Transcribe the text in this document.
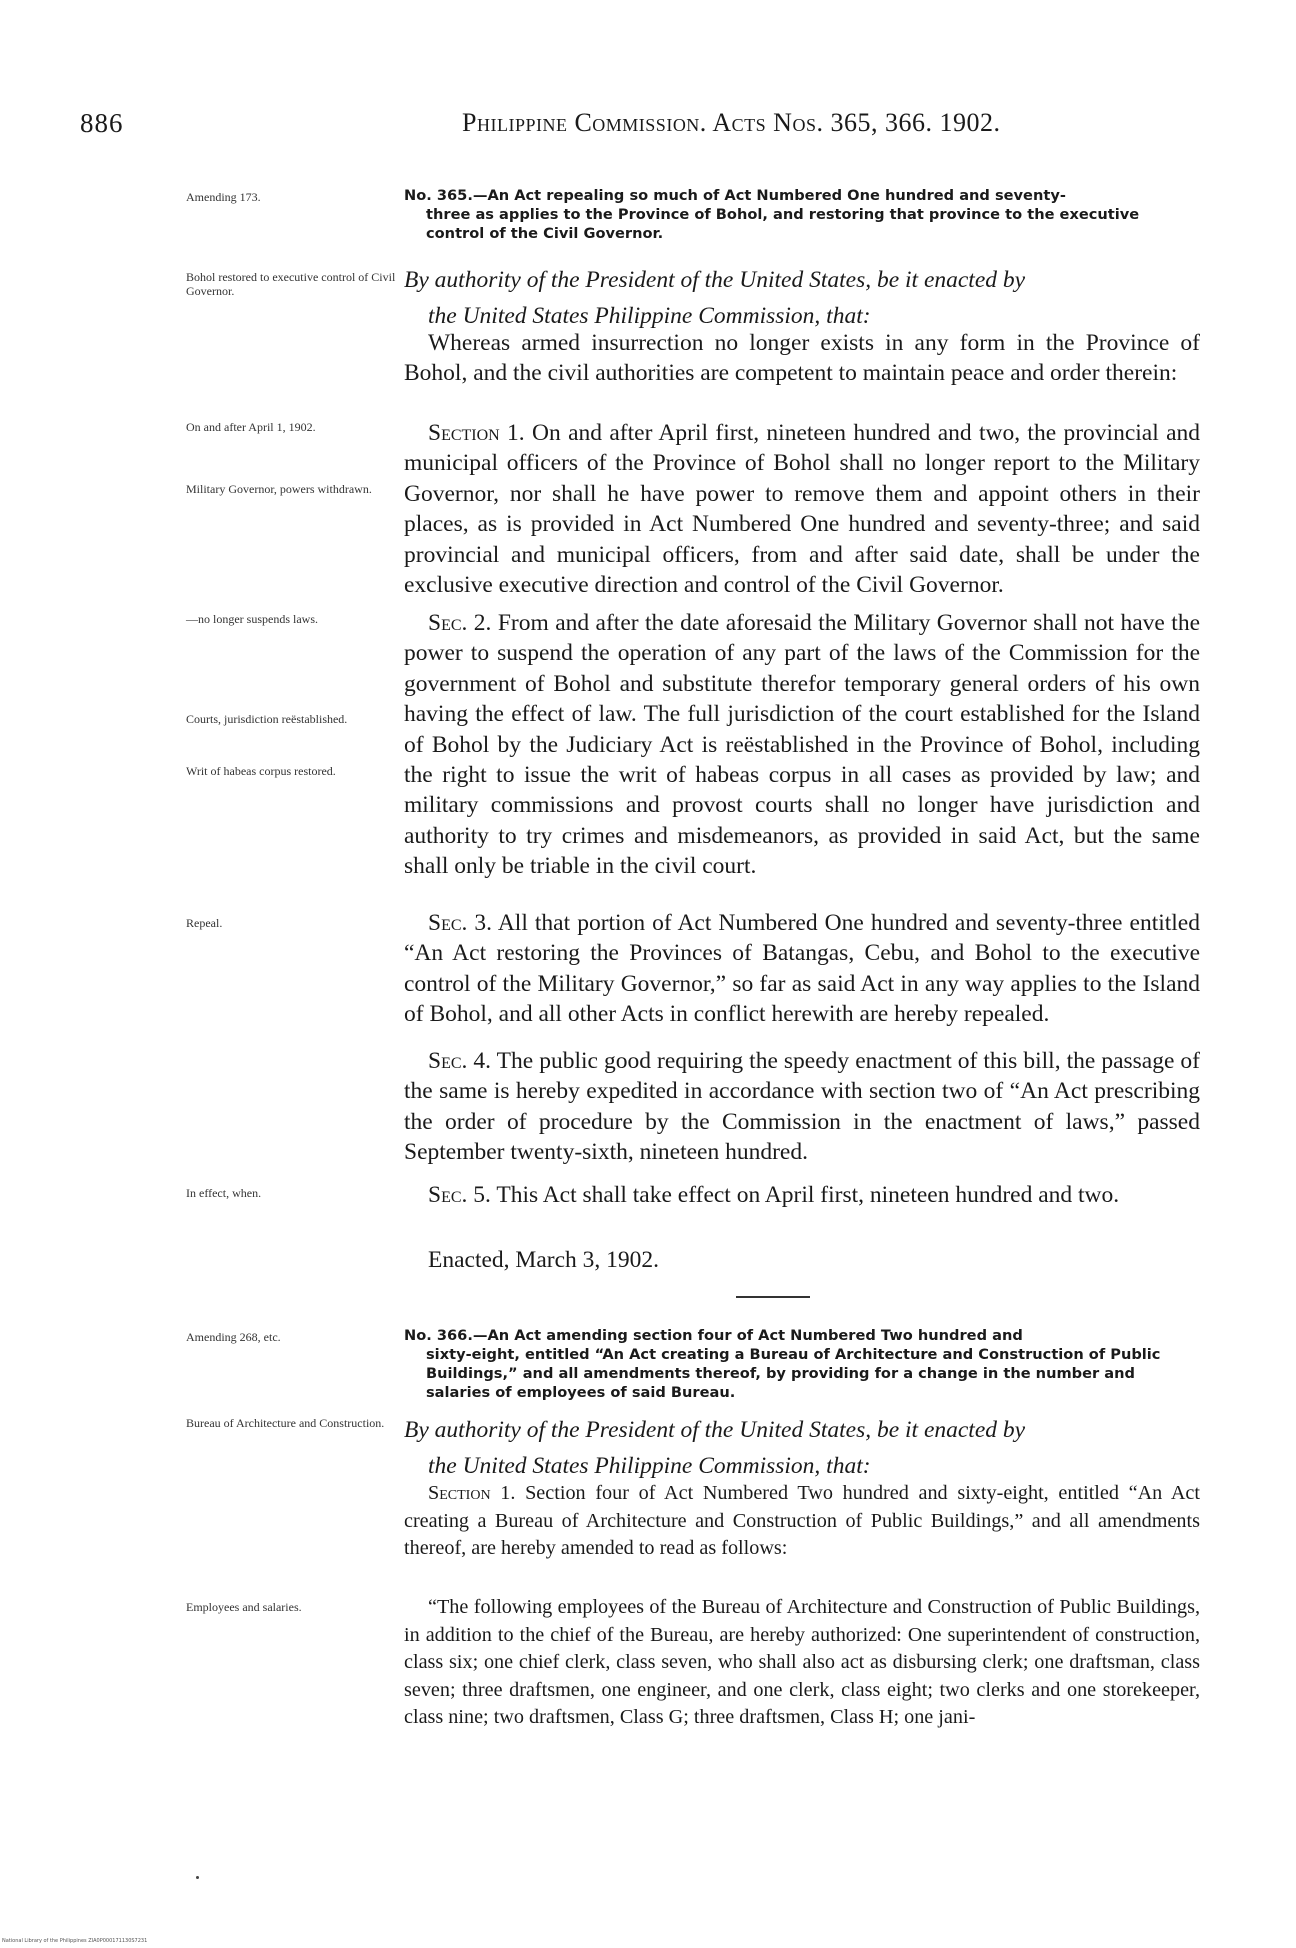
886	Philippine Commission. Acts Nos. 365, 366. 1902.
Amending 173.	No. 365.—An Act repealing so much of Act Numbered One hundred and seventy-
three as applies to the Province of Bohol, and restoring that province to the executive control of the Civil Governor.
Bohol restored to executive control of Civil Governor.	By authority of the President of the United States, be it enacted by
the United States Philippine Commission, that:
Whereas armed insurrection no longer exists in any form in the Province of Bohol, and the civil authorities are competent to maintain peace and order therein:
On and after April 1, 1902.
Military Governor, powers withdrawn.
Section 1. On and after April first, nineteen hundred and two, the provincial and municipal officers of the Province of Bohol shall no longer report to the Military Governor, nor shall he have power to remove them and appoint others in their places, as is provided in Act Numbered One hundred and seventy-three; and said provincial and municipal officers, from and after said date, shall be under the exclusive executive direction and control of the Civil Governor.
—no longer suspends laws.
Courts, jurisdiction reëstablished.
Writ of habeas corpus restored.
Sec. 2. From and after the date aforesaid the Military Governor shall not have the power to suspend the operation of any part of the laws of the Commission for the government of Bohol and substitute therefor temporary general orders of his own having the effect of law. The full jurisdiction of the court established for the Island of Bohol by the Judiciary Act is reëstablished in the Province of Bohol, including the right to issue the writ of habeas corpus in all cases as provided by law; and military commissions and provost courts shall no longer have jurisdiction and authority to try crimes and misdemeanors, as provided in said Act, but the same shall only be triable in the civil court.
Repeal.	Sec. 3. All that portion of Act Numbered One hundred and seventy-three entitled “An Act restoring the Provinces of Batangas, Cebu, and Bohol to the executive control of the Military Governor,” so far as said Act in any way applies to the Island of Bohol, and all other Acts in conflict herewith are hereby repealed.
Sec. 4. The public good requiring the speedy enactment of this bill, the passage of the same is hereby expedited in accordance with section two of “An Act prescribing the order of procedure by the Commission in the enactment of laws,” passed September twenty-sixth, nineteen hundred.
In effect, when.	Sec. 5. This Act shall take effect on April first, nineteen hundred and two.
Enacted, March 3, 1902.
Amending 268, etc.	No. 366.—An Act amending section four of Act Numbered Two hundred and
sixty-eight, entitled “An Act creating a Bureau of Architecture and Construction of Public Buildings,” and all amendments thereof, by providing for a change in the number and salaries of employees of said Bureau.
Bureau of Architecture and Construction. By authority of the President of the United States, be it enacted by
the United States Philippine Commission, that:
Section 1. Section four of Act Numbered Two hundred and sixty-eight, entitled “An Act creating a Bureau of Architecture and Construction of Public Buildings,” and all amendments thereof, are hereby amended to read as follows:
Employees and salaries.	“The following employees of the Bureau of Architecture and Construction of Public Buildings, in addition to the chief of the Bureau, are hereby authorized: One superintendent of construction, class six; one chief clerk, class seven, who shall also act as disbursing clerk; one draftsman, class seven; three draftsmen, one engineer, and one clerk, class eight; two clerks and one storekeeper, class nine; two draftsmen, Class G; three draftsmen, Class H; one jani-
National Library of the Philippines ZIA0P000171130S7231
